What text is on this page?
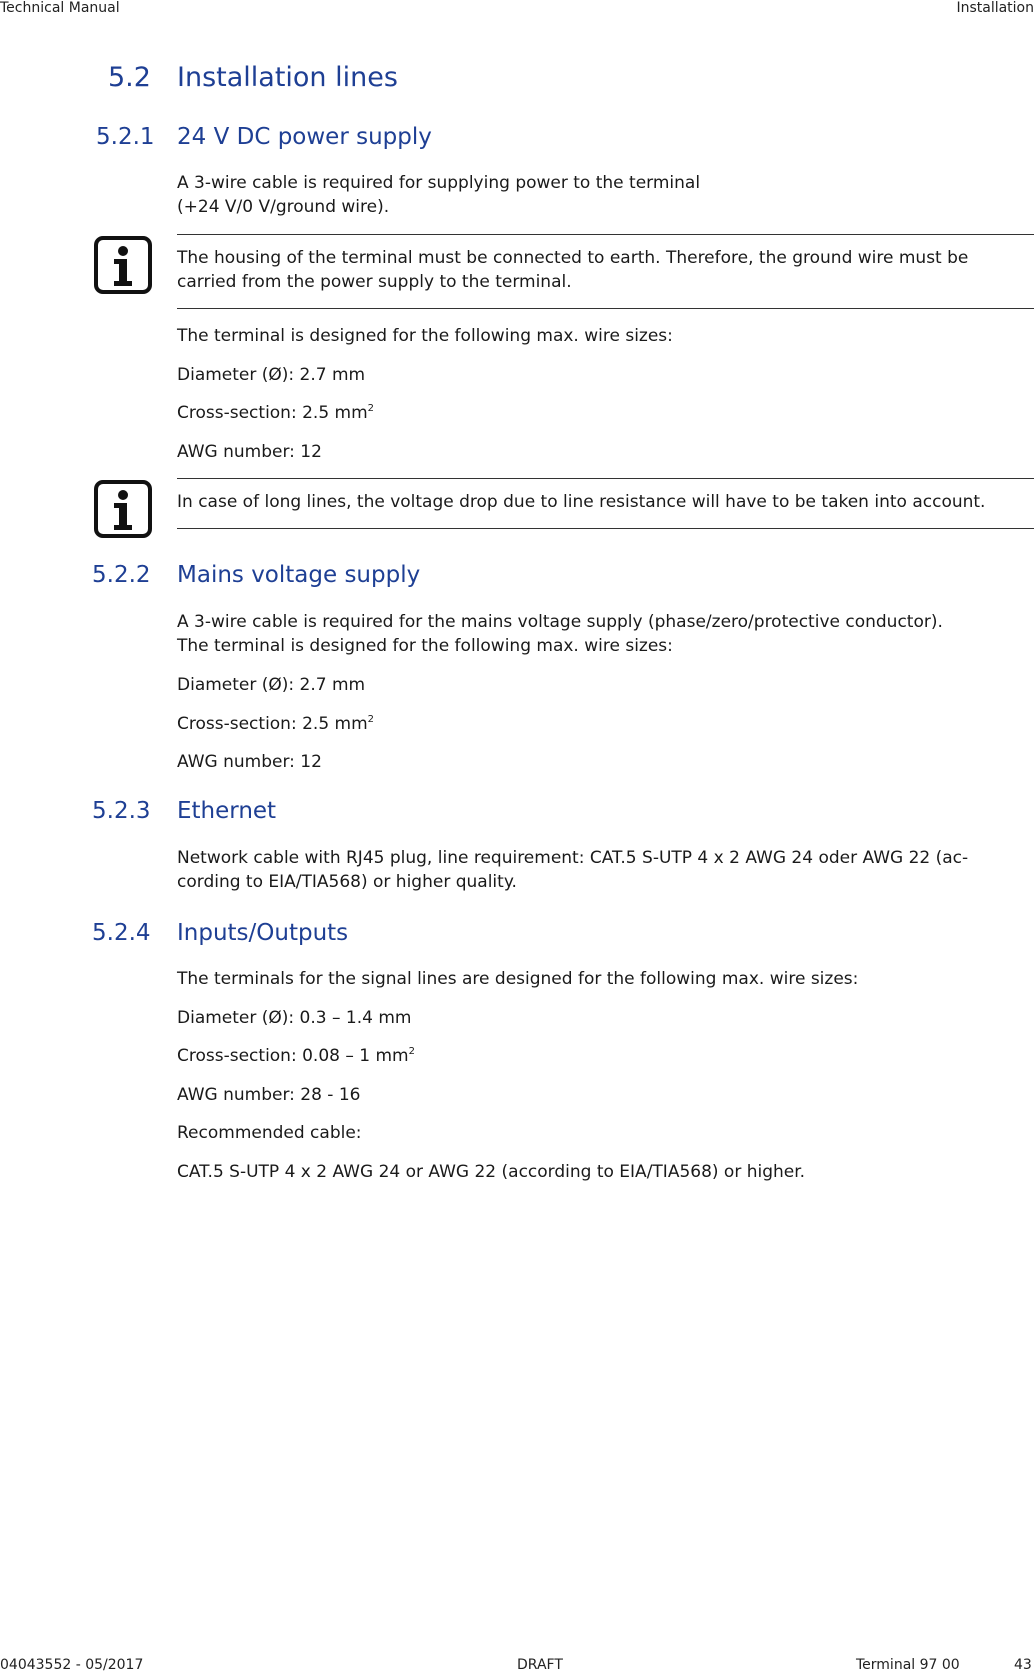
Technical Manual	Installation
5.2 Installation lines
5.2.1 24 V DC power supply

A 3-wire cable is required for supplying power to the terminal

(+24 V/0 V/ground wire).

The housing of the terminal must be connected to earth. Therefore, the ground wire must be

carried from the power supply to the terminal.

The terminal is designed for the following max. wire sizes:

Diameter (Ø): 2.7 mm

Cross-section: 2.5 $mm^2$

AWG number: 12

In case of long lines, the voltage drop due to line resistance will have to be taken into account.

5.2.2 Mains voltage supply

A 3-wire cable is required for the mains voltage supply (phase/zero/protective conductor).

The terminal is designed for the following max. wire sizes:

Diameter (Ø): 2.7 mm

Cross-section: 2.5 $mm^2$

AWG number: 12

5.2.3 Ethernet

Network cable with RJ45 plug, line requirement: CAT.5 S-UTP 4 x 2 AWG 24 oder AWG 22 (ac-

cording to EIA/TIA568) or higher quality.

5.2.4 Inputs/Outputs

The terminals for the signal lines are designed for the following max. wire sizes:

Diameter (Ø): 0.3 – 1.4 mm

Cross-section: 0.08 – 1 $mm^2$

AWG number: 28 - 16

Recommended cable:

CAT.5 S-UTP 4 x 2 AWG 24 or AWG 22 (according to EIA/TIA568) or higher.

04043552 - 05/2017	DRAFT	Terminal 97 00	43
